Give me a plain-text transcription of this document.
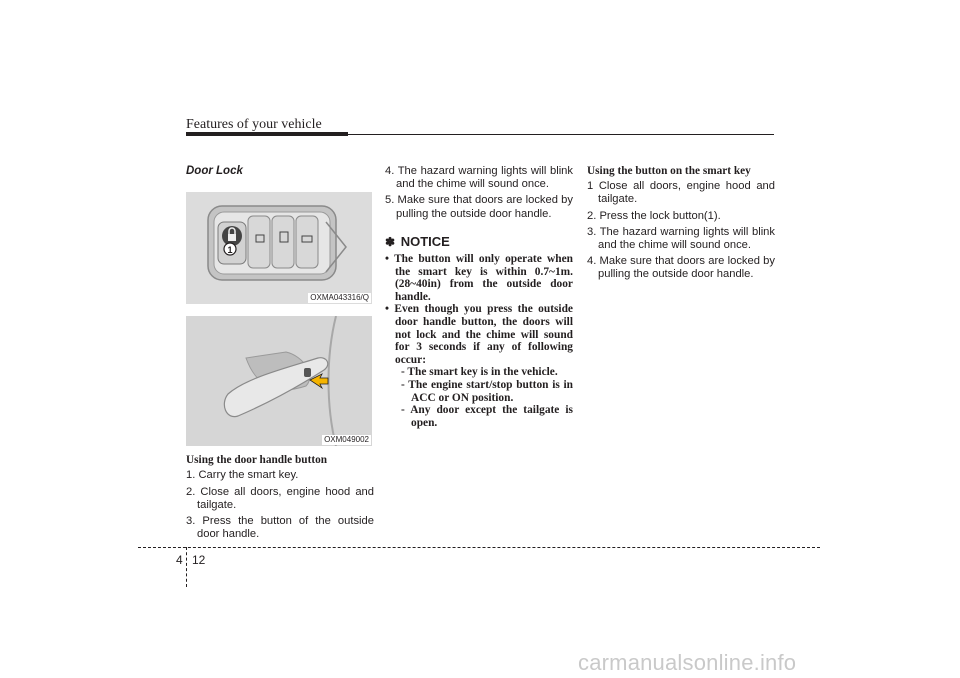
Features of your vehicle
Door Lock
1
OXMA043316/Q
OXM049002
Using the door handle button
1. Carry the smart key.
2. Close all doors, engine hood and tailgate.
3. Press the button of the outside door handle.
4. The hazard warning lights will blink and the chime will sound once.
5. Make sure that doors are locked by pulling the outside door handle.
✽ NOTICE
• The button will only operate when the smart key is within 0.7~1m. (28~40in) from the outside door handle.
• Even though you press the outside door handle button, the doors will not lock and the chime will sound for 3 seconds if any of following occur:
- The smart key is in the vehicle.
- The engine start/stop button is in ACC or ON position.
- Any door except the tailgate is open.
Using the button on the smart key
1 Close all doors, engine hood and tailgate.
2. Press the lock button(1).
3. The hazard warning lights will blink and the chime will sound once.
4. Make sure that doors are locked by pulling the outside door handle.
4 12
carmanualsonline.info
